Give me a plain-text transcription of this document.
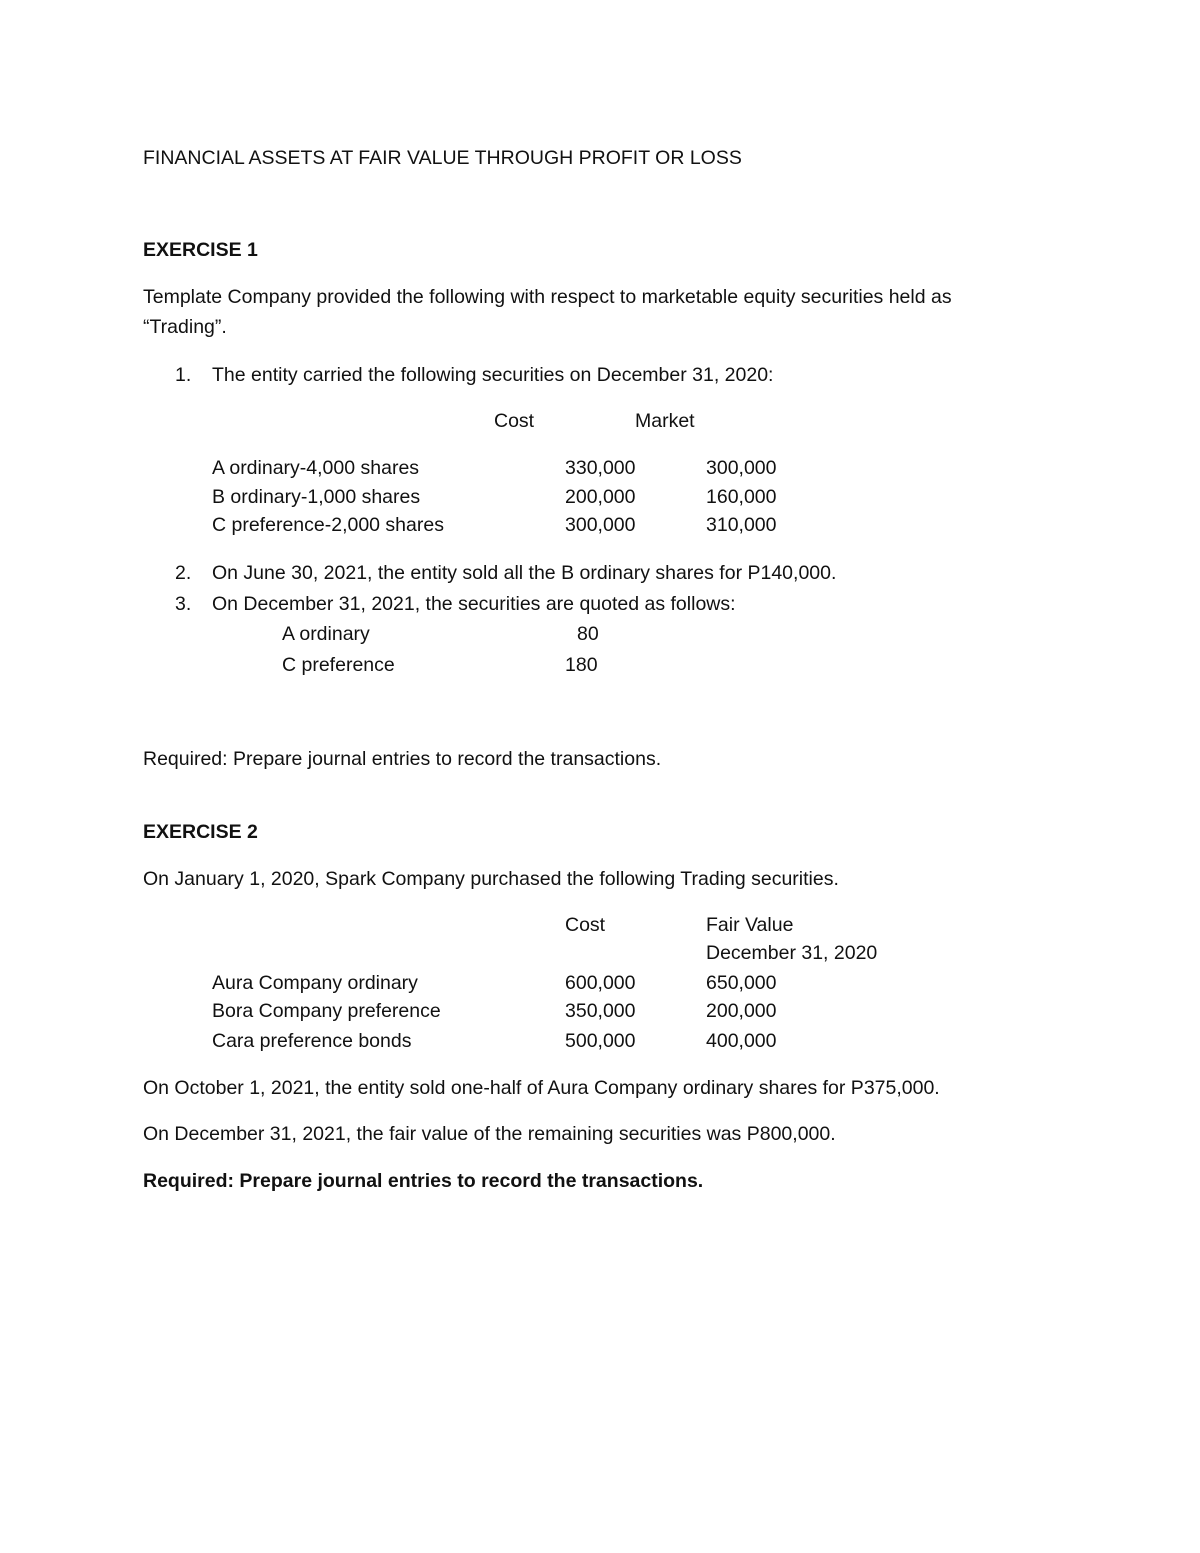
FINANCIAL ASSETS AT FAIR VALUE THROUGH PROFIT OR LOSS
EXERCISE 1
Template Company provided the following with respect to marketable equity securities held as
“Trading”.
1. The entity carried the following securities on December 31, 2020:
Cost	Market
A ordinary-4,000 shares	330,000	300,000
B ordinary-1,000 shares	200,000	160,000
C preference-2,000 shares	300,000	310,000
2. On June 30, 2021, the entity sold all the B ordinary shares for P140,000.
3. On December 31, 2021, the securities are quoted as follows:
A ordinary	80
C preference	180
Required: Prepare journal entries to record the transactions.
EXERCISE 2
On January 1, 2020, Spark Company purchased the following Trading securities.
Cost	Fair Value
December 31, 2020
Aura Company ordinary	600,000	650,000
Bora Company preference	350,000	200,000
Cara preference bonds	500,000	400,000
On October 1, 2021, the entity sold one-half of Aura Company ordinary shares for P375,000.
On December 31, 2021, the fair value of the remaining securities was P800,000.
Required: Prepare journal entries to record the transactions.
